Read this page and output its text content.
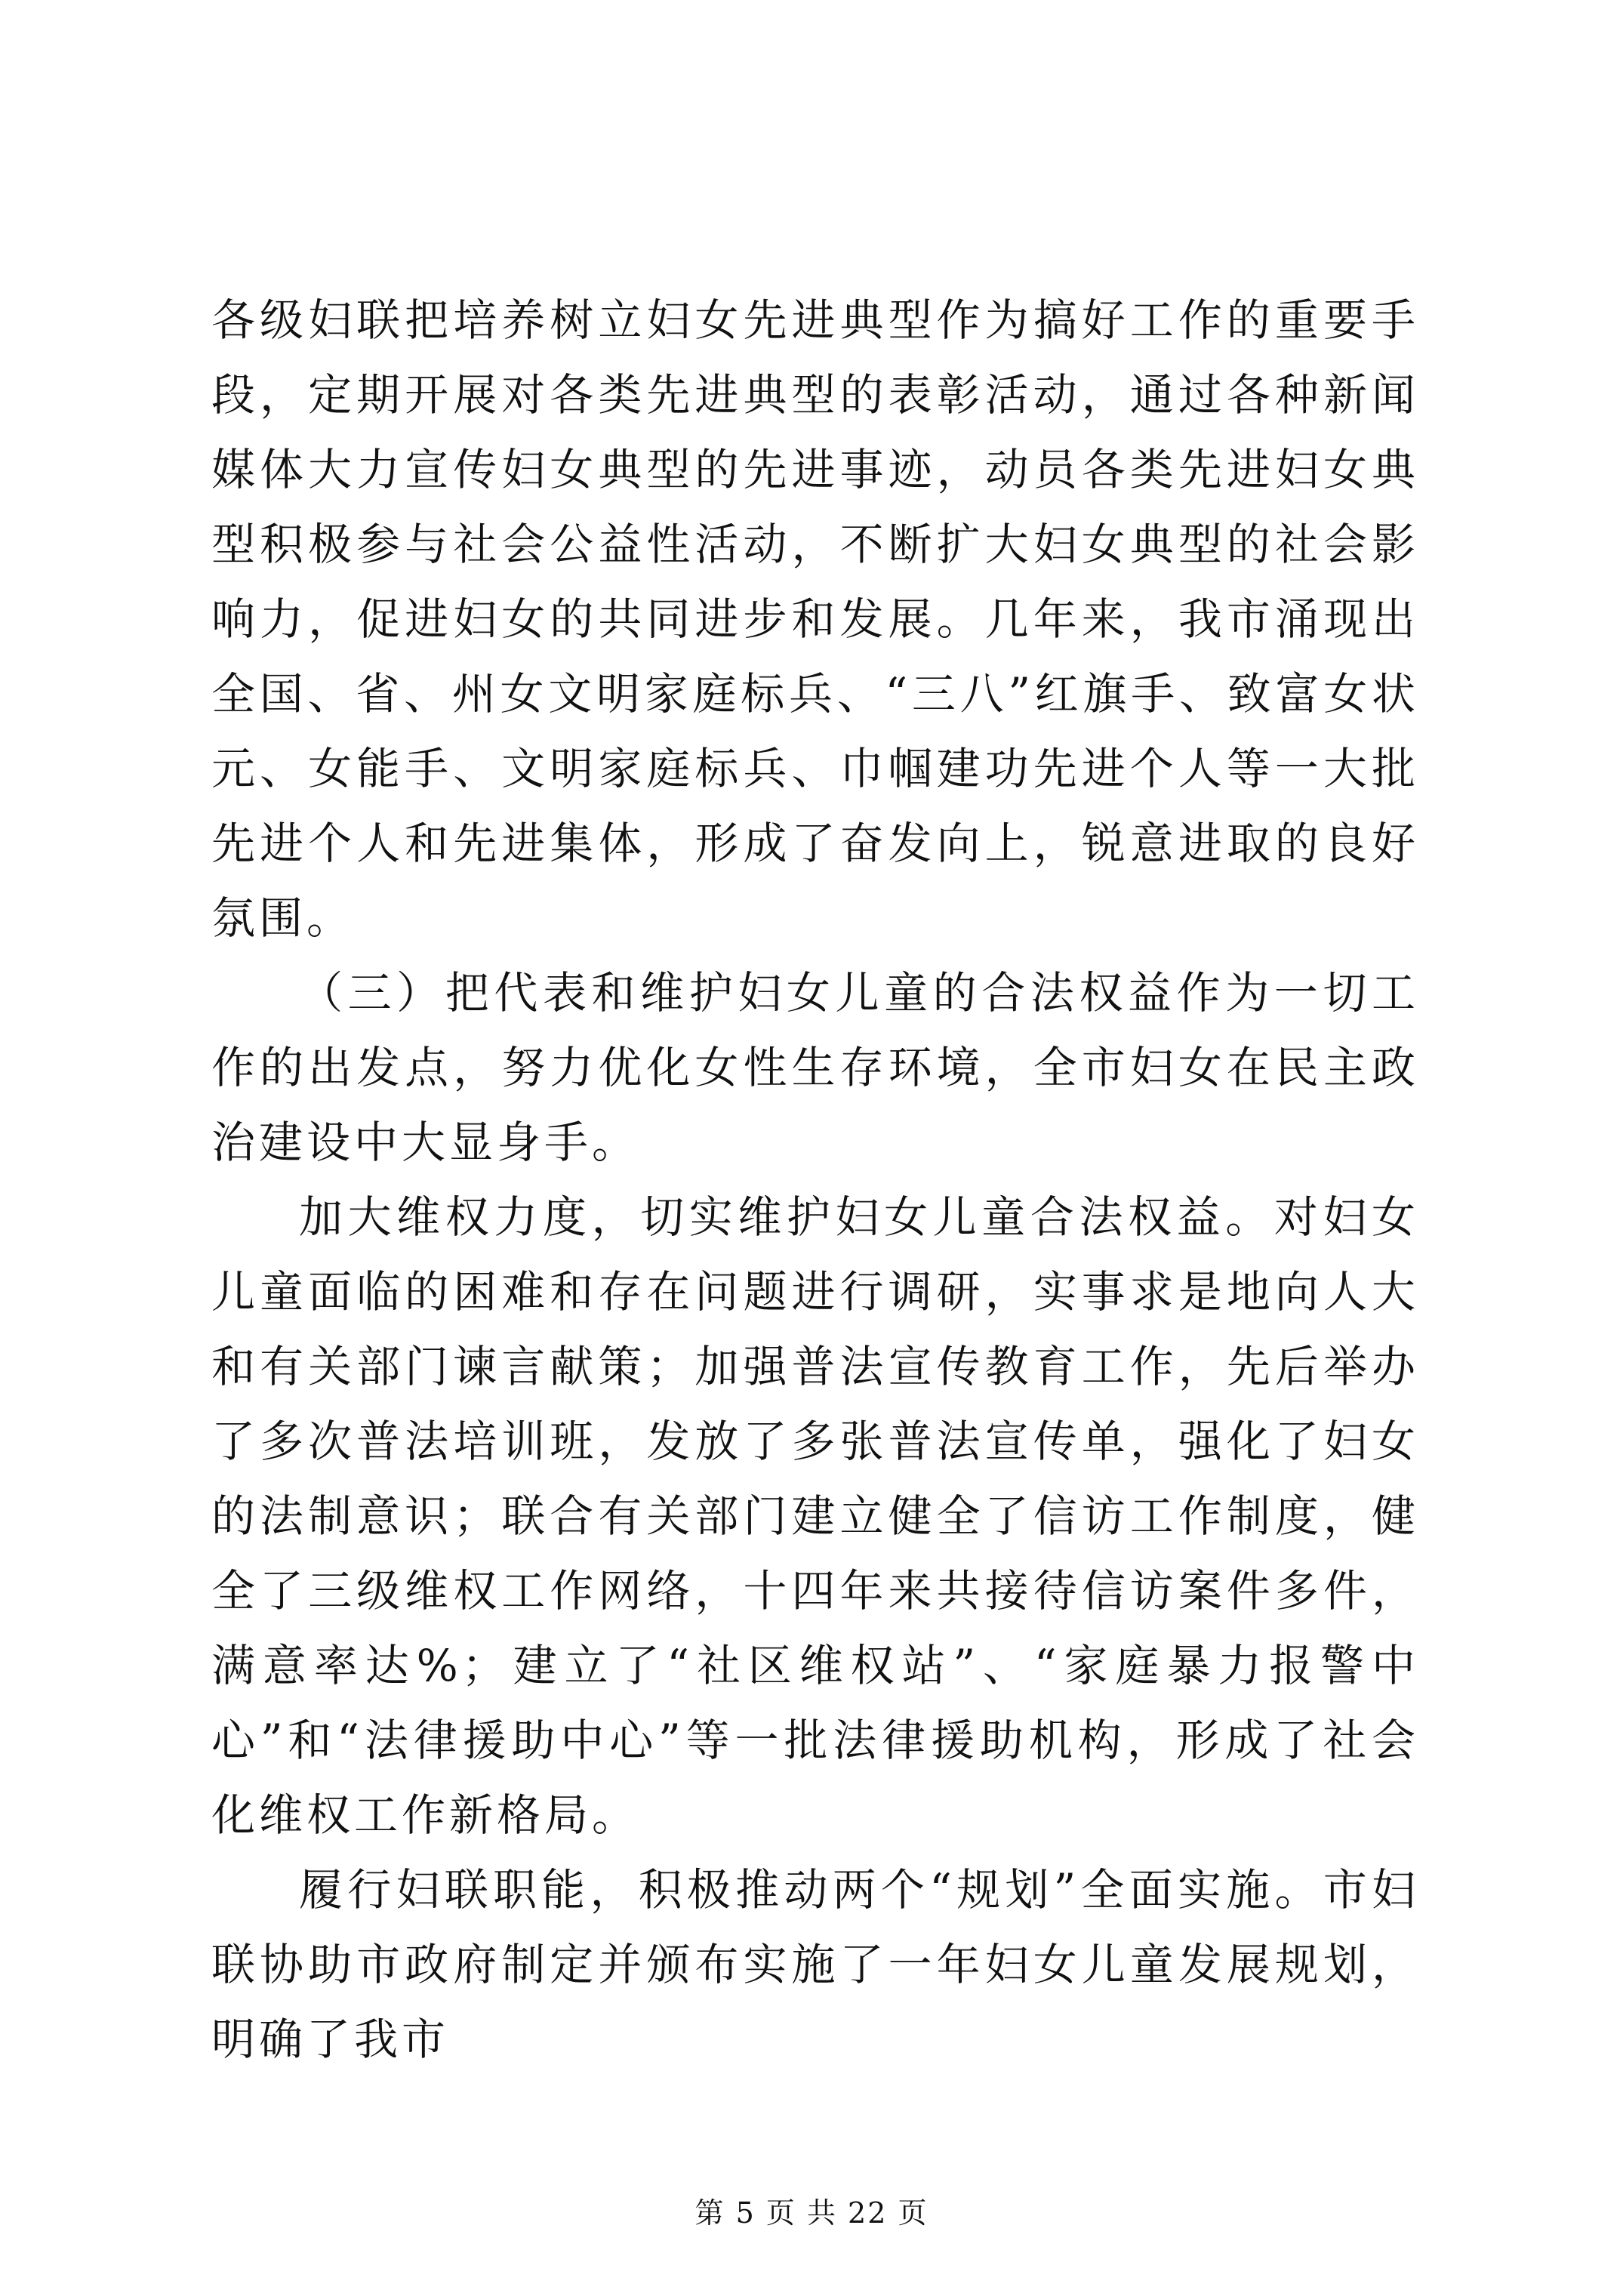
各级妇联把培养树立妇女先进典型作为搞好工作的重要手段，定期开展对各类先进典型的表彰活动，通过各种新闻媒体大力宣传妇女典型的先进事迹，动员各类先进妇女典型积极参与社会公益性活动，不断扩大妇女典型的社会影响力，促进妇女的共同进步和发展。几年来，我市涌现出全国、省、州女文明家庭标兵、“三八”红旗手、致富女状元、女能手、文明家庭标兵、巾帼建功先进个人等一大批先进个人和先进集体，形成了奋发向上，锐意进取的良好氛围。

（三）把代表和维护妇女儿童的合法权益作为一切工作的出发点，努力优化女性生存环境，全市妇女在民主政治建设中大显身手。

加大维权力度，切实维护妇女儿童合法权益。对妇女儿童面临的困难和存在问题进行调研，实事求是地向人大和有关部门谏言献策；加强普法宣传教育工作，先后举办了多次普法培训班，发放了多张普法宣传单，强化了妇女的法制意识；联合有关部门建立健全了信访工作制度，健全了三级维权工作网络，十四年来共接待信访案件多件，满意率达%；建立了“社区维权站”、“家庭暴力报警中心”和“法律援助中心”等一批法律援助机构，形成了社会化维权工作新格局。

履行妇联职能，积极推动两个“规划”全面实施。市妇联协助市政府制定并颁布实施了一年妇女儿童发展规划，明确了我市

第 5 页 共 22 页
